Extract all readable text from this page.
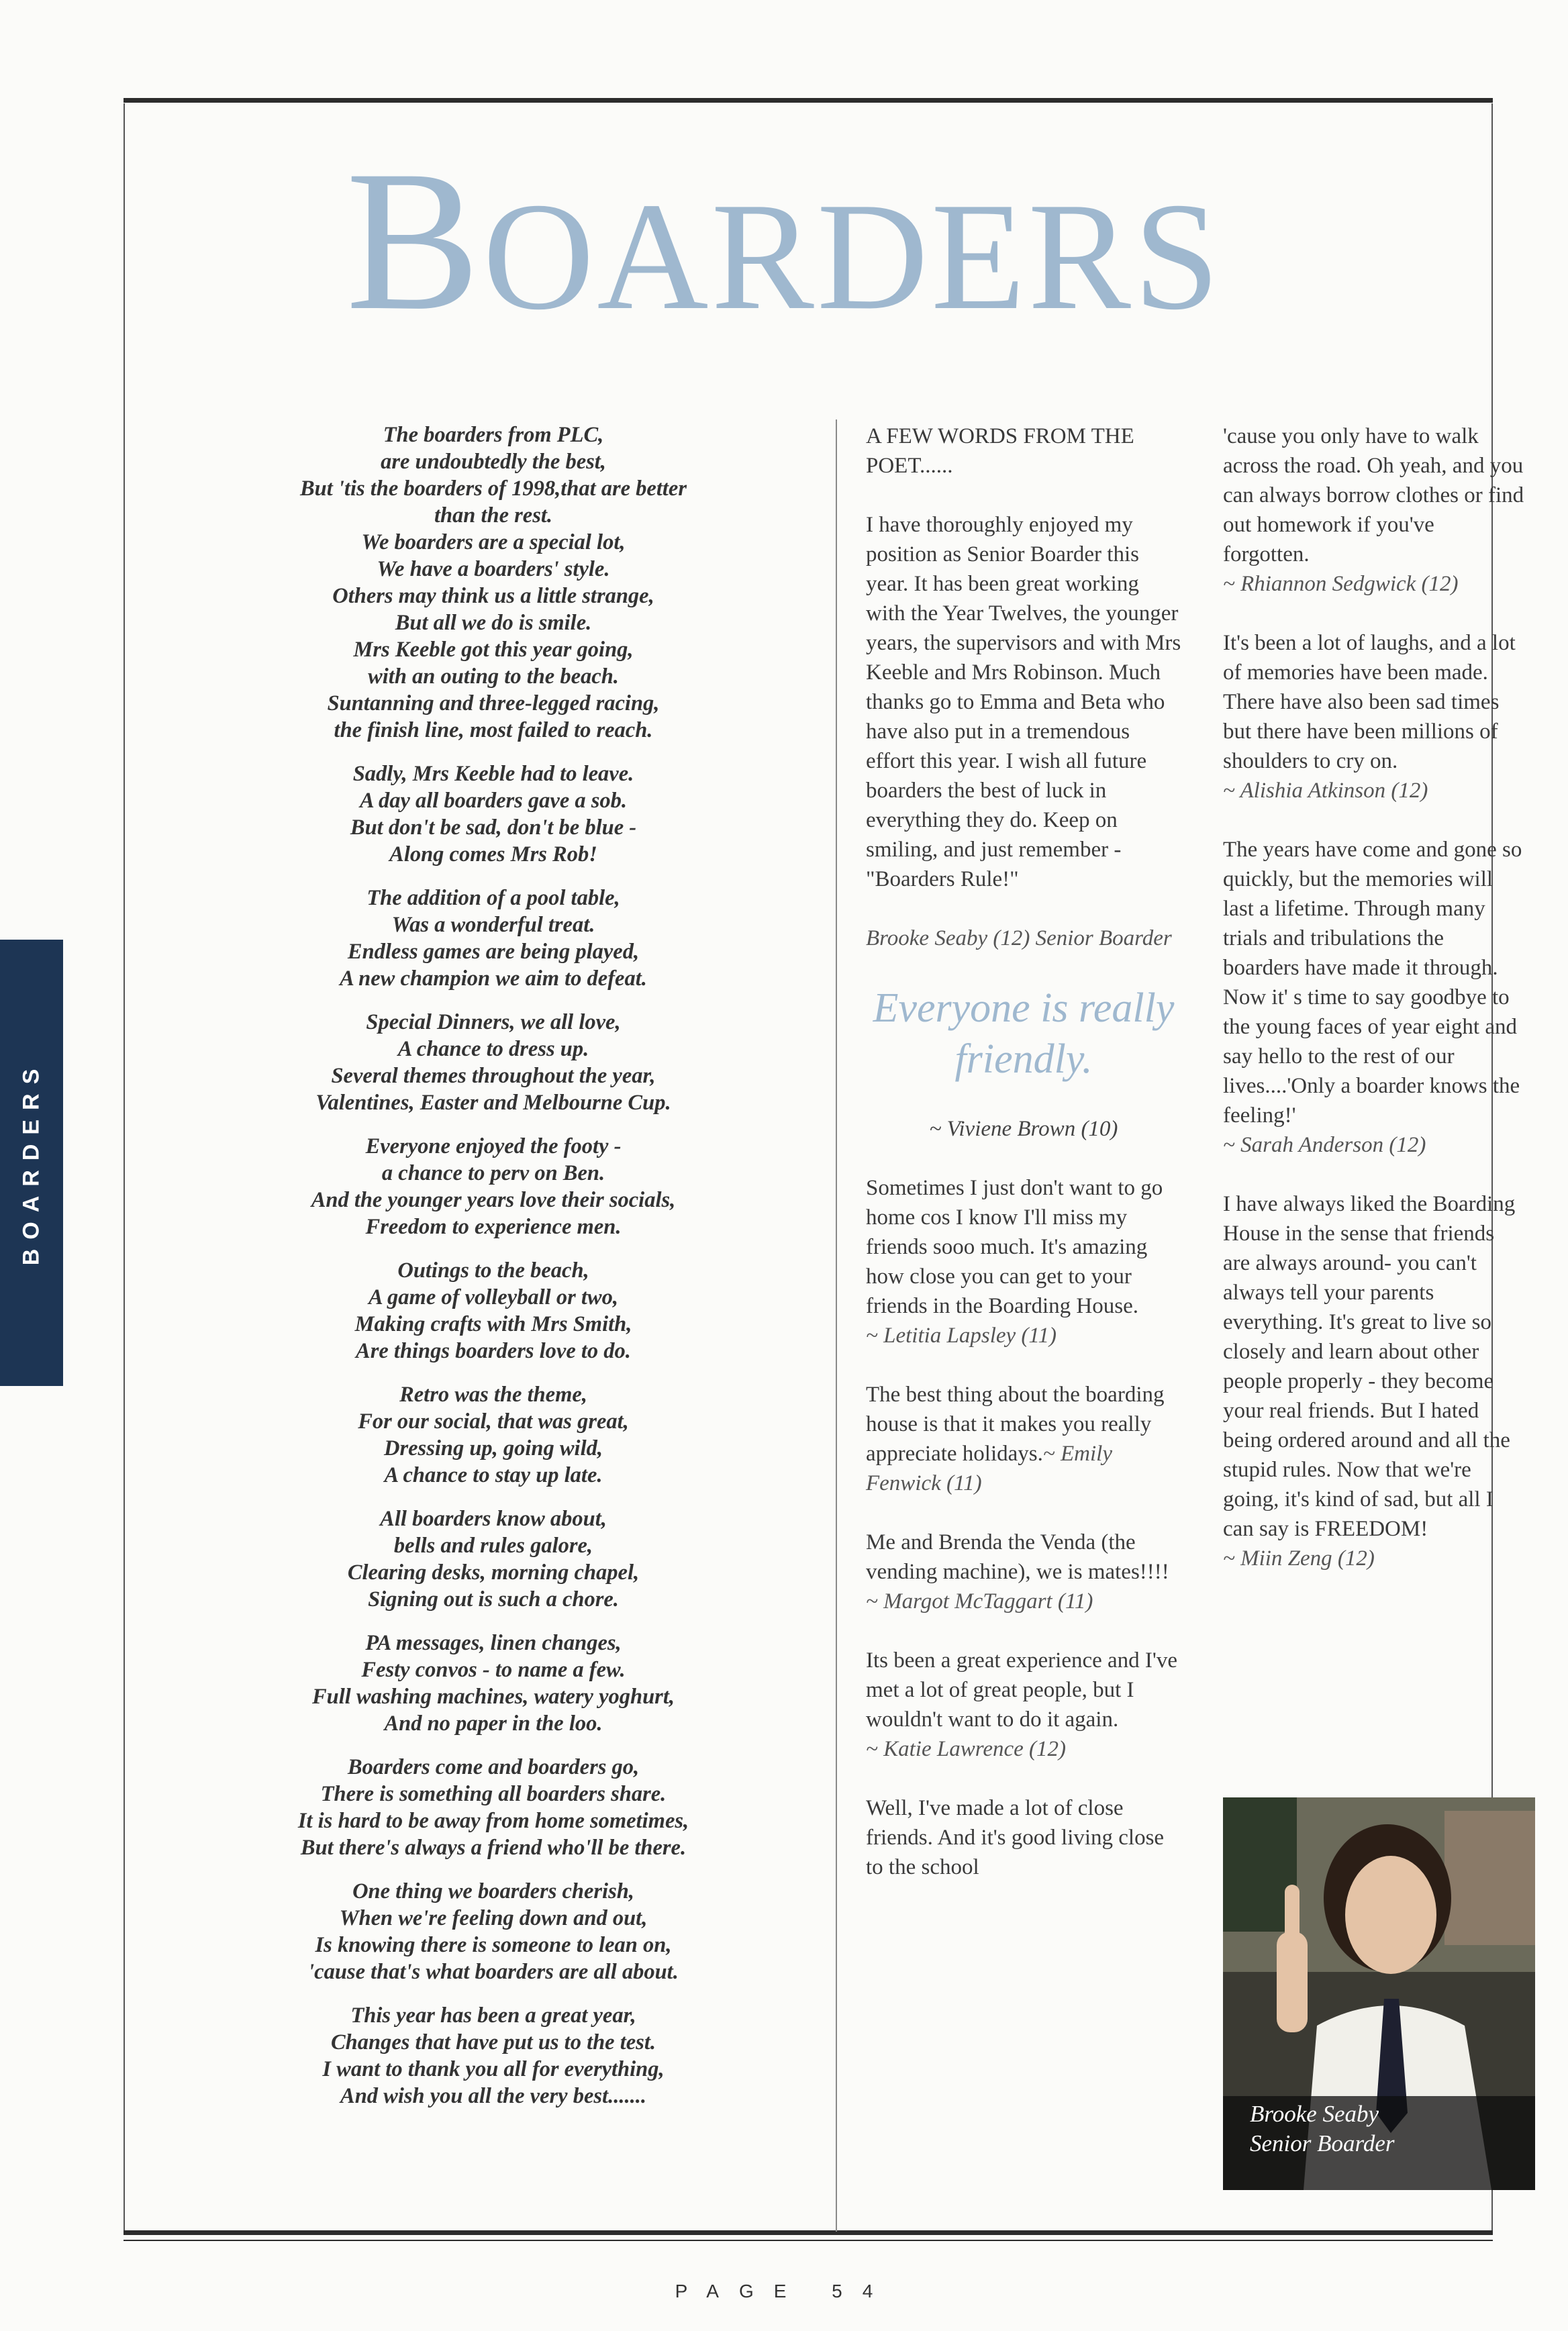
BOARDERS
BOARDERS
The boarders from PLC,
are undoubtedly the best,
But 'tis the boarders of 1998,that are better
than the rest.
We boarders are a special lot,
We have a boarders' style.
Others may think us a little strange,
But all we do is smile.
Mrs Keeble got this year going,
with an outing to the beach.
Suntanning and three-legged racing,
the finish line, most failed to reach.
Sadly, Mrs Keeble had to leave.
A day all boarders gave a sob.
But don't be sad, don't be blue -
Along comes Mrs Rob!
The addition of a pool table,
Was a wonderful treat.
Endless games are being played,
A new champion we aim to defeat.
Special Dinners, we all love,
A chance to dress up.
Several themes throughout the year,
Valentines, Easter and Melbourne Cup.
Everyone enjoyed the footy -
a chance to perv on Ben.
And the younger years love their socials,
Freedom to experience men.
Outings to the beach,
A game of volleyball or two,
Making crafts with Mrs Smith,
Are things boarders love to do.
Retro was the theme,
For our social, that was great,
Dressing up, going wild,
A chance to stay up late.
All boarders know about,
bells and rules galore,
Clearing desks, morning chapel,
Signing out is such a chore.
PA messages, linen changes,
Festy convos - to name a few.
Full washing machines, watery yoghurt,
And no paper in the loo.
Boarders come and boarders go,
There is something all boarders share.
It is hard to be away from home sometimes,
But there's always a friend who'll be there.
One thing we boarders cherish,
When we're feeling down and out,
Is knowing there is someone to lean on,
'cause that's what boarders are all about.
This year has been a great year,
Changes that have put us to the test.
I want to thank you all for everything,
And wish you all the very best.......

A FEW WORDS FROM THE POET......

I have thoroughly enjoyed my position as Senior Boarder this year. It has been great working with the Year Twelves, the younger years, the supervisors and with Mrs Keeble and Mrs Robinson. Much thanks go to Emma and Beta who have also put in a tremendous effort this year. I wish all future boarders the best of luck in everything they do. Keep on smiling, and just remember - "Boarders Rule!"

Brooke Seaby (12) Senior Boarder

Everyone is really friendly.

~ Viviene Brown (10)

Sometimes I just don't want to go home cos I know I'll miss my friends sooo much. It's amazing how close you can get to your friends in the Boarding House.
~ Letitia Lapsley (11)

The best thing about the boarding house is that it makes you really appreciate holidays.~ Emily Fenwick (11)

Me and Brenda the Venda (the vending machine), we is mates!!!!
~ Margot McTaggart (11)

Its been a great experience and I've met a lot of great people, but I wouldn't want to do it again.
~ Katie Lawrence (12)

Well, I've made a lot of close friends. And it's good living close to the school

'cause you only have to walk across the road. Oh yeah, and you can always borrow clothes or find out homework if you've forgotten.
~ Rhiannon Sedgwick (12)

It's been a lot of laughs, and a lot of memories have been made. There have also been sad times but there have been millions of shoulders to cry on.
~ Alishia Atkinson (12)

The years have come and gone so quickly, but the memories will last a lifetime. Through many trials and tribulations the boarders have made it through. Now it' s time to say goodbye to the young faces of year eight and say hello to the rest of our lives....'Only a boarder knows the feeling!'
~ Sarah Anderson (12)

I have always liked the Boarding House in the sense that friends are always around- you can't always tell your parents everything. It's great to live so closely and learn about other people properly - they become your real friends. But I hated being ordered around and all the stupid rules. Now that we're going, it's kind of sad, but all I can say is FREEDOM!
~ Miin Zeng (12)

Brooke Seaby
Senior Boarder
PAGE 54
